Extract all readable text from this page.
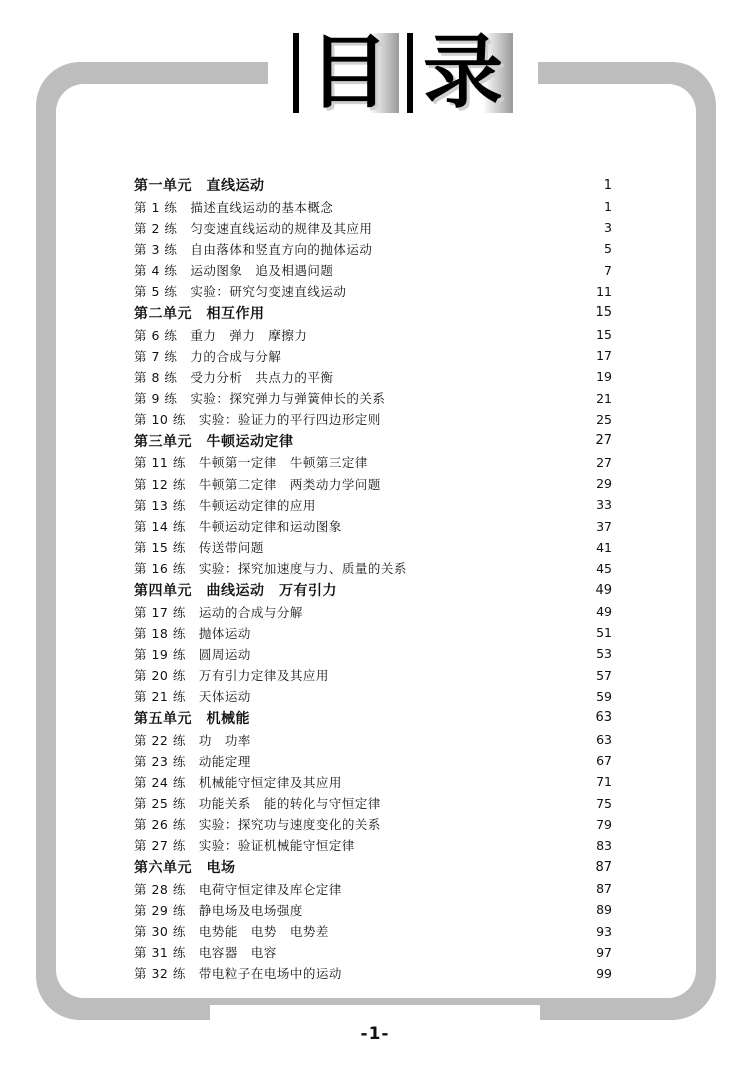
目 录
第一单元　直线运动	1
第 1 练　描述直线运动的基本概念	1
第 2 练　匀变速直线运动的规律及其应用	3
第 3 练　自由落体和竖直方向的抛体运动	5
第 4 练　运动图象　追及相遇问题	7
第 5 练　实验：研究匀变速直线运动	11
第二单元　相互作用	15
第 6 练　重力　弹力　摩擦力	15
第 7 练　力的合成与分解	17
第 8 练　受力分析　共点力的平衡	19
第 9 练　实验：探究弹力与弹簧伸长的关系	21
第 10 练　实验：验证力的平行四边形定则	25
第三单元　牛顿运动定律	27
第 11 练　牛顿第一定律　牛顿第三定律	27
第 12 练　牛顿第二定律　两类动力学问题	29
第 13 练　牛顿运动定律的应用	33
第 14 练　牛顿运动定律和运动图象	37
第 15 练　传送带问题	41
第 16 练　实验：探究加速度与力、质量的关系	45
第四单元　曲线运动　万有引力	49
第 17 练　运动的合成与分解	49
第 18 练　抛体运动	51
第 19 练　圆周运动	53
第 20 练　万有引力定律及其应用	57
第 21 练　天体运动	59
第五单元　机械能	63
第 22 练　功　功率	63
第 23 练　动能定理	67
第 24 练　机械能守恒定律及其应用	71
第 25 练　功能关系　能的转化与守恒定律	75
第 26 练　实验：探究功与速度变化的关系	79
第 27 练　实验：验证机械能守恒定律	83
第六单元　电场	87
第 28 练　电荷守恒定律及库仑定律	87
第 29 练　静电场及电场强度	89
第 30 练　电势能　电势　电势差	93
第 31 练　电容器　电容	97
第 32 练　带电粒子在电场中的运动	99
-1-
